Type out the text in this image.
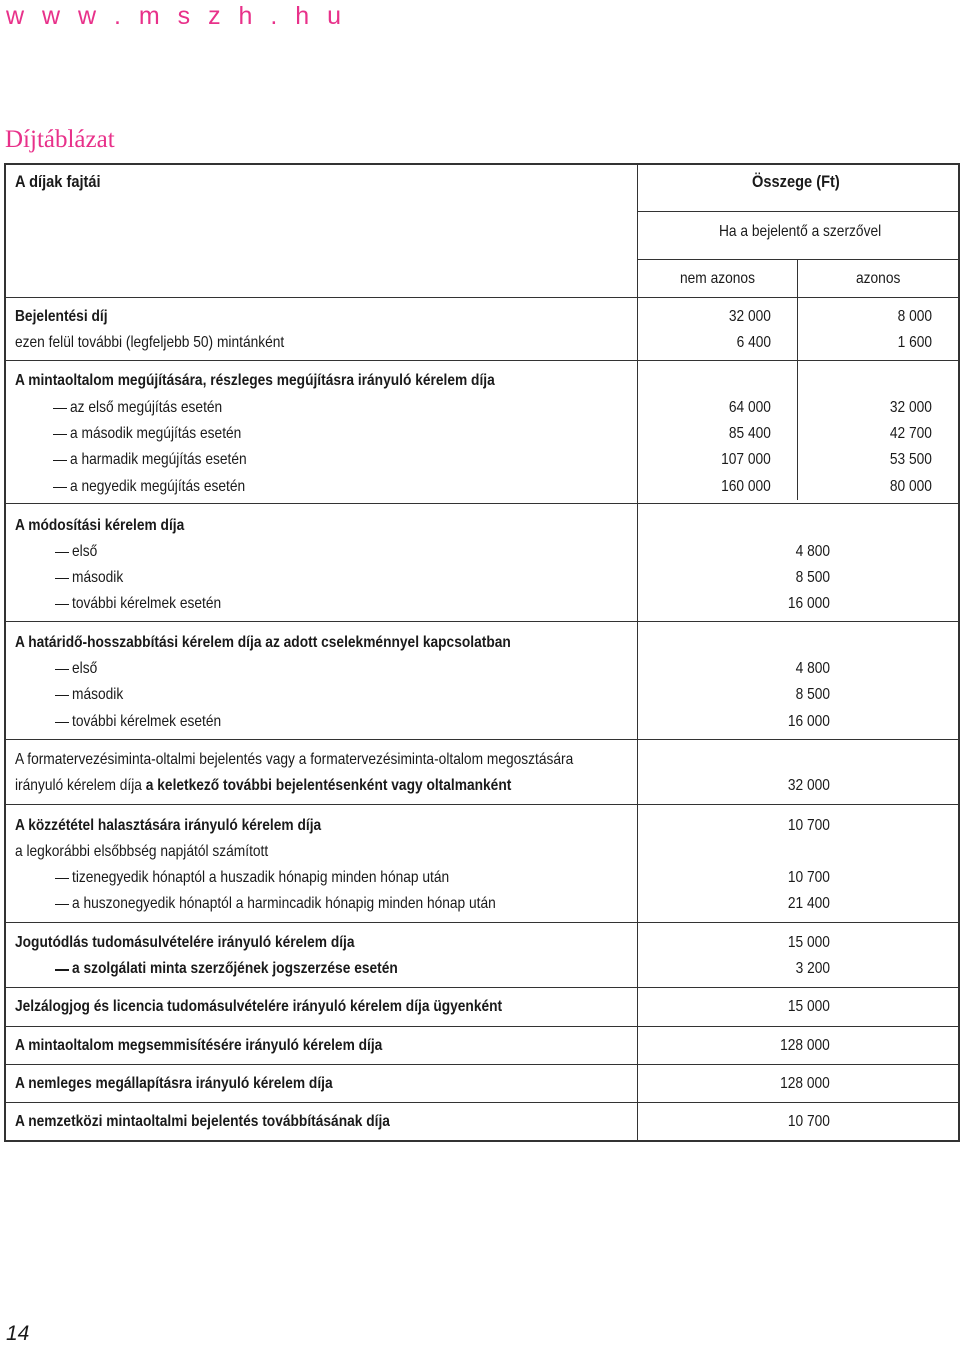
w w w . m s z h . h u
Díjtáblázat
A díjak fajtái	Összege (Ft)
Ha a bejelentő a szerzővel
nem azonos	azonos
Bejelentési díj	32 000	8 000
ezen felül további (legfeljebb 50) mintánként	6 400	1 600
A mintaoltalom megújítására, részleges megújításra irányuló kérelem díja
az első megújítás esetén	64 000	32 000
a második megújítás esetén	85 400	42 700
a harmadik megújítás esetén	107 000	53 500
a negyedik megújítás esetén	160 000	80 000
A módosítási kérelem díja
első	4 800
második	8 500
további kérelmek esetén	16 000
A határidő-hosszabbítási kérelem díja az adott cselekménnyel kapcsolatban
első	4 800
második	8 500
további kérelmek esetén	16 000
A formatervezésiminta-oltalmi bejelentés vagy a formatervezésiminta-oltalom megosztására
irányuló kérelem díja a keletkező további bejelentésenként vagy oltalmanként	32 000
A közzététel halasztására irányuló kérelem díja	10 700
a legkorábbi elsőbbség napjától számított
tizenegyedik hónaptól a huszadik hónapig minden hónap után	10 700
a huszonegyedik hónaptól a harmincadik hónapig minden hónap után	21 400
Jogutódlás tudomásulvételére irányuló kérelem díja	15 000
a szolgálati minta szerzőjének jogszerzése esetén	3 200
Jelzálogjog és licencia tudomásulvételére irányuló kérelem díja ügyenként	15 000
A mintaoltalom megsemmisítésére irányuló kérelem díja	128 000
A nemleges megállapításra irányuló kérelem díja	128 000
A nemzetközi mintaoltalmi bejelentés továbbításának díja	10 700
14
